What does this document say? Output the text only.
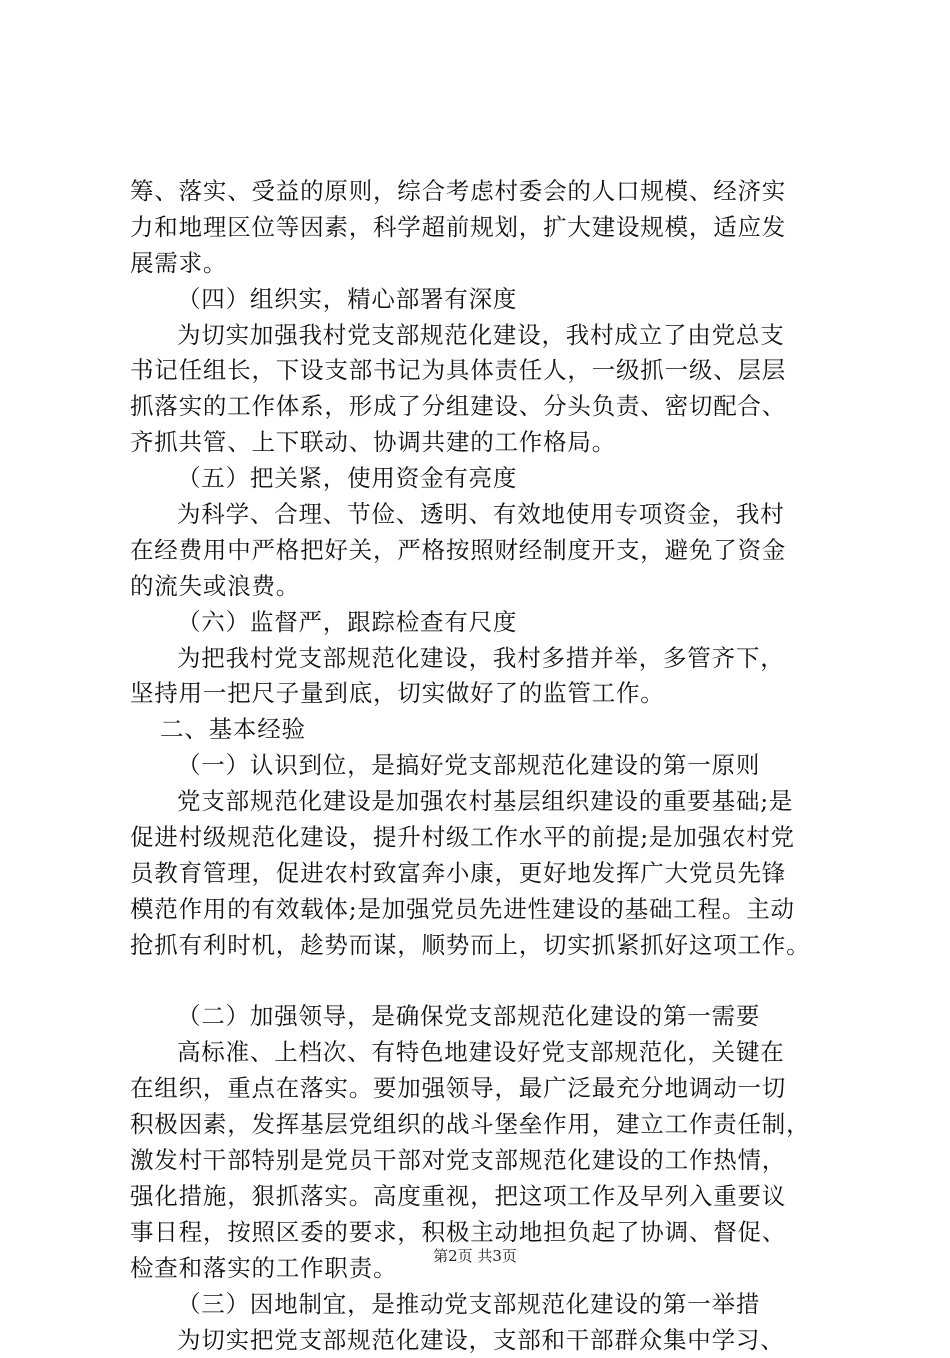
筹、落实、受益的原则，综合考虑村委会的人口规模、经济实
力和地理区位等因素，科学超前规划，扩大建设规模，适应发
展需求。
（四）组织实，精心部署有深度
为切实加强我村党支部规范化建设，我村成立了由党总支
书记任组长，下设支部书记为具体责任人，一级抓一级、层层
抓落实的工作体系，形成了分组建设、分头负责、密切配合、
齐抓共管、上下联动、协调共建的工作格局。
（五）把关紧，使用资金有亮度
为科学、合理、节俭、透明、有效地使用专项资金，我村
在经费用中严格把好关，严格按照财经制度开支，避免了资金
的流失或浪费。
（六）监督严，跟踪检查有尺度
为把我村党支部规范化建设，我村多措并举，多管齐下，
坚持用一把尺子量到底，切实做好了的监管工作。
二、基本经验
（一）认识到位，是搞好党支部规范化建设的第一原则
党支部规范化建设是加强农村基层组织建设的重要基础;是
促进村级规范化建设，提升村级工作水平的前提;是加强农村党
员教育管理，促进农村致富奔小康，更好地发挥广大党员先锋
模范作用的有效载体;是加强党员先进性建设的基础工程。主动
抢抓有利时机，趁势而谋，顺势而上，切实抓紧抓好这项工作。
（二）加强领导，是确保党支部规范化建设的第一需要
高标准、上档次、有特色地建设好党支部规范化，关键在
在组织，重点在落实。要加强领导，最广泛最充分地调动一切
积极因素，发挥基层党组织的战斗堡垒作用，建立工作责任制，
激发村干部特别是党员干部对党支部规范化建设的工作热情，
强化措施，狠抓落实。高度重视，把这项工作及早列入重要议
事日程，按照区委的要求，积极主动地担负起了协调、督促、
检查和落实的工作职责。
（三）因地制宜，是推动党支部规范化建设的第一举措
为切实把党支部规范化建设，支部和干部群众集中学习、
第2页 共3页
